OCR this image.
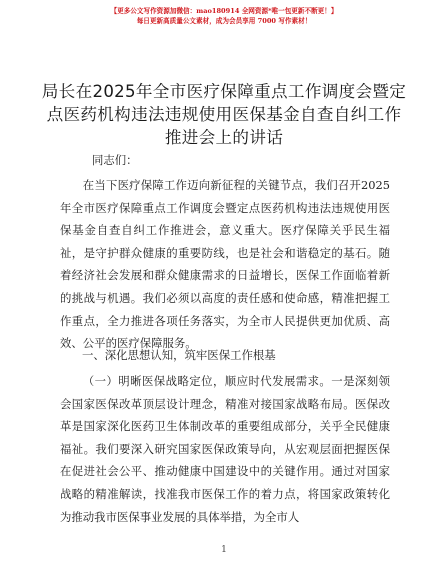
【更多公文写作资源加微信：mao180914 全网资源*唯一包更新不断更！】
每日更新高质量公文素材，成为会员享用 7000 写作素材！
局长在2025年全市医疗保障重点工作调度会暨定点医药机构违法违规使用医保基金自查自纠工作推进会上的讲话
同志们：

在当下医疗保障工作迈向新征程的关键节点，我们召开2025年全市医疗保障重点工作调度会暨定点医药机构违法违规使用医保基金自查自纠工作推进会，意义重大。医疗保障关乎民生福祉，是守护群众健康的重要防线，也是社会和谐稳定的基石。随着经济社会发展和群众健康需求的日益增长，医保工作面临着新的挑战与机遇。我们必须以高度的责任感和使命感，精准把握工作重点，全力推进各项任务落实，为全市人民提供更加优质、高效、公平的医疗保障服务。

一、深化思想认知，筑牢医保工作根基

（一）明晰医保战略定位，顺应时代发展需求。一是深刻领会国家医保改革顶层设计理念，精准对接国家战略布局。医保改革是国家深化医药卫生体制改革的重要组成部分，关乎全民健康福祉。我们要深入研究国家医保政策导向，从宏观层面把握医保在促进社会公平、推动健康中国建设中的关键作用。通过对国家战略的精准解读，找准我市医保工作的着力点，将国家政策转化为推动我市医保事业发展的具体举措，为全市人

1
